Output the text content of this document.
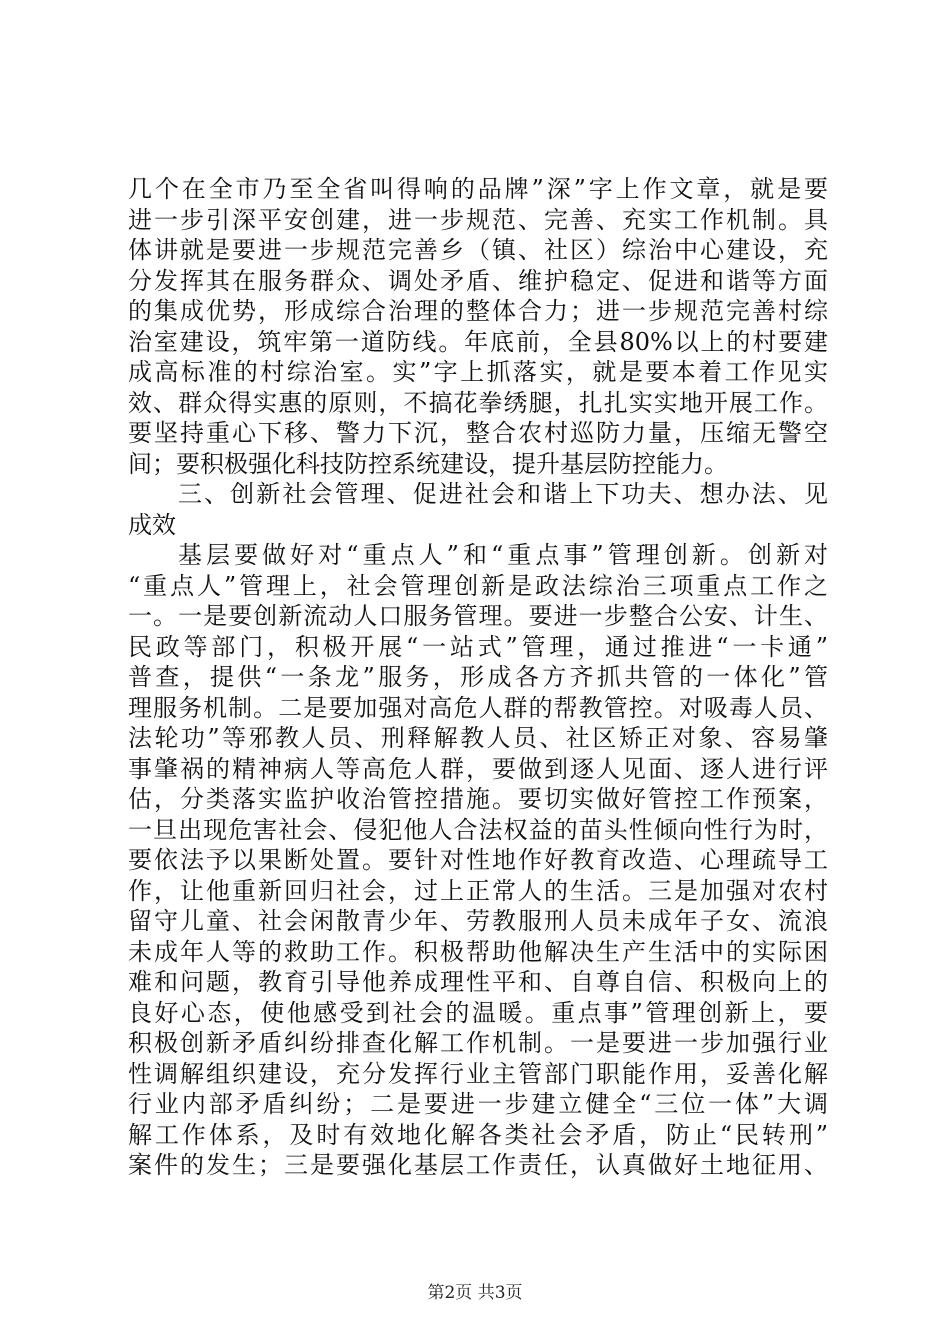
几个在全市乃至全省叫得响的品牌”深”字上作文章，就是要
进一步引深平安创建，进一步规范、完善、充实工作机制。具
体讲就是要进一步规范完善乡（镇、社区）综治中心建设，充
分发挥其在服务群众、调处矛盾、维护稳定、促进和谐等方面
的集成优势，形成综合治理的整体合力；进一步规范完善村综
治室建设，筑牢第一道防线。年底前，全县80%以上的村要建
成高标准的村综治室。实”字上抓落实，就是要本着工作见实
效、群众得实惠的原则，不搞花拳绣腿，扎扎实实地开展工作。
要坚持重心下移、警力下沉，整合农村巡防力量，压缩无警空
间；要积极强化科技防控系统建设，提升基层防控能力。
三、创新社会管理、促进社会和谐上下功夫、想办法、见
成效
基层要做好对“重点人”和“重点事”管理创新。创新对
“重点人”管理上，社会管理创新是政法综治三项重点工作之
一。一是要创新流动人口服务管理。要进一步整合公安、计生、
民政等部门，积极开展“一站式”管理，通过推进“一卡通”
普查，提供“一条龙”服务，形成各方齐抓共管的一体化”管
理服务机制。二是要加强对高危人群的帮教管控。对吸毒人员、
法轮功”等邪教人员、刑释解教人员、社区矫正对象、容易肇
事肇祸的精神病人等高危人群，要做到逐人见面、逐人进行评
估，分类落实监护收治管控措施。要切实做好管控工作预案，
一旦出现危害社会、侵犯他人合法权益的苗头性倾向性行为时，
要依法予以果断处置。要针对性地作好教育改造、心理疏导工
作，让他重新回归社会，过上正常人的生活。三是加强对农村
留守儿童、社会闲散青少年、劳教服刑人员未成年子女、流浪
未成年人等的救助工作。积极帮助他解决生产生活中的实际困
难和问题，教育引导他养成理性平和、自尊自信、积极向上的
良好心态，使他感受到社会的温暖。重点事”管理创新上，要
积极创新矛盾纠纷排查化解工作机制。一是要进一步加强行业
性调解组织建设，充分发挥行业主管部门职能作用，妥善化解
行业内部矛盾纠纷；二是要进一步建立健全“三位一体”大调
解工作体系，及时有效地化解各类社会矛盾，防止“民转刑”
案件的发生；三是要强化基层工作责任，认真做好土地征用、
第2页 共3页
